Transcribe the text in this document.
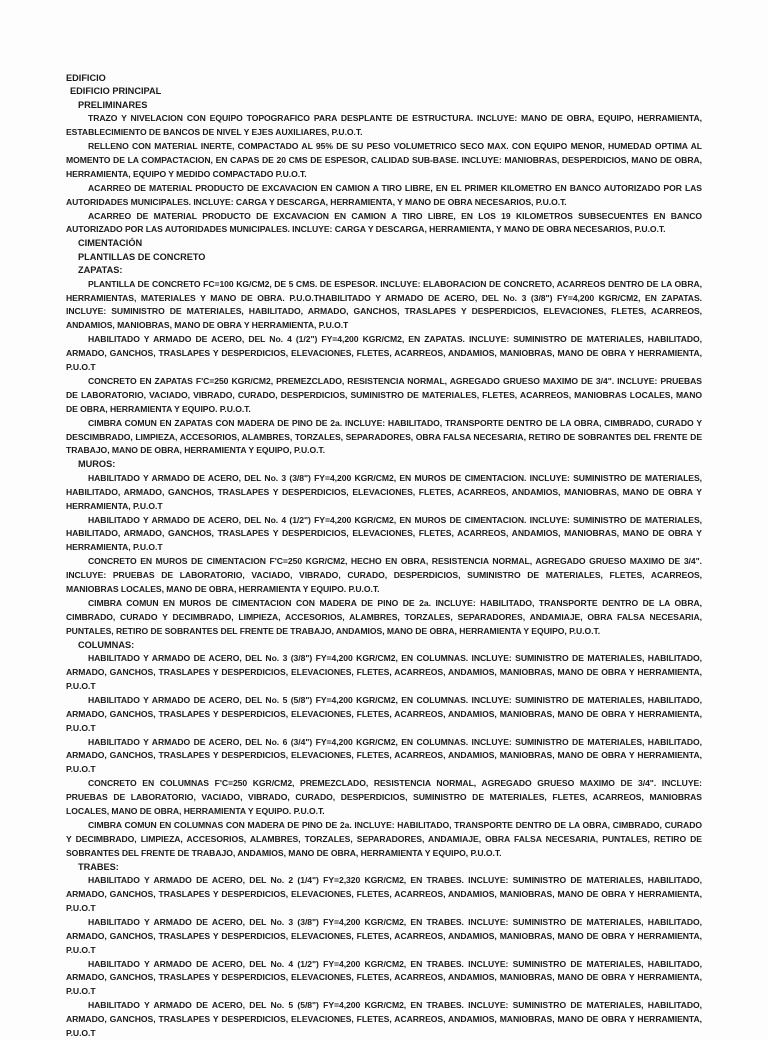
EDIFICIO
EDIFICIO PRINCIPAL
PRELIMINARES

TRAZO Y NIVELACION CON EQUIPO TOPOGRAFICO PARA DESPLANTE DE ESTRUCTURA. INCLUYE: MANO DE OBRA, EQUIPO, HERRAMIENTA, ESTABLECIMIENTO DE BANCOS DE NIVEL Y EJES AUXILIARES, P.U.O.T.

RELLENO CON MATERIAL INERTE, COMPACTADO AL 95% DE SU PESO VOLUMETRICO SECO MAX. CON EQUIPO MENOR, HUMEDAD OPTIMA AL MOMENTO DE LA COMPACTACION, EN CAPAS DE 20 CMS DE ESPESOR, CALIDAD SUB-BASE. INCLUYE: MANIOBRAS, DESPERDICIOS, MANO DE OBRA, HERRAMIENTA, EQUIPO Y MEDIDO COMPACTADO P.U.O.T.

ACARREO DE MATERIAL PRODUCTO DE EXCAVACION EN CAMION A TIRO LIBRE, EN EL PRIMER KILOMETRO EN BANCO AUTORIZADO POR LAS AUTORIDADES MUNICIPALES. INCLUYE: CARGA Y DESCARGA, HERRAMIENTA, Y MANO DE OBRA NECESARIOS, P.U.O.T.

ACARREO DE MATERIAL PRODUCTO DE EXCAVACION EN CAMION A TIRO LIBRE, EN LOS 19 KILOMETROS SUBSECUENTES EN BANCO AUTORIZADO POR LAS AUTORIDADES MUNICIPALES. INCLUYE: CARGA Y DESCARGA, HERRAMIENTA, Y MANO DE OBRA NECESARIOS, P.U.O.T.

CIMENTACIÓN
PLANTILLAS DE CONCRETO
ZAPATAS:

PLANTILLA DE CONCRETO FC=100 KG/CM2, DE 5 CMS. DE ESPESOR. INCLUYE: ELABORACION DE CONCRETO, ACARREOS DENTRO DE LA OBRA, HERRAMIENTAS, MATERIALES Y MANO DE OBRA. P.U.O.THABILITADO Y ARMADO DE ACERO, DEL No. 3 (3/8") FY=4,200 KGR/CM2, EN ZAPATAS. INCLUYE: SUMINISTRO DE MATERIALES, HABILITADO, ARMADO, GANCHOS, TRASLAPES Y DESPERDICIOS, ELEVACIONES, FLETES, ACARREOS, ANDAMIOS, MANIOBRAS, MANO DE OBRA Y HERRAMIENTA, P.U.O.T

HABILITADO Y ARMADO DE ACERO, DEL No. 4 (1/2") FY=4,200 KGR/CM2, EN ZAPATAS. INCLUYE: SUMINISTRO DE MATERIALES, HABILITADO, ARMADO, GANCHOS, TRASLAPES Y DESPERDICIOS, ELEVACIONES, FLETES, ACARREOS, ANDAMIOS, MANIOBRAS, MANO DE OBRA Y HERRAMIENTA, P.U.O.T

CONCRETO EN ZAPATAS F'C=250 KGR/CM2, PREMEZCLADO, RESISTENCIA NORMAL, AGREGADO GRUESO MAXIMO DE 3/4". INCLUYE: PRUEBAS DE LABORATORIO, VACIADO, VIBRADO, CURADO, DESPERDICIOS, SUMINISTRO DE MATERIALES, FLETES, ACARREOS, MANIOBRAS LOCALES, MANO DE OBRA, HERRAMIENTA Y EQUIPO. P.U.O.T.

CIMBRA COMUN EN ZAPATAS CON MADERA DE PINO DE 2a. INCLUYE: HABILITADO, TRANSPORTE DENTRO DE LA OBRA, CIMBRADO, CURADO Y DESCIMBRADO, LIMPIEZA, ACCESORIOS, ALAMBRES, TORZALES, SEPARADORES, OBRA FALSA NECESARIA, RETIRO DE SOBRANTES DEL FRENTE DE TRABAJO, MANO DE OBRA, HERRAMIENTA Y EQUIPO, P.U.O.T.

MUROS:

HABILITADO Y ARMADO DE ACERO, DEL No. 3 (3/8") FY=4,200 KGR/CM2, EN MUROS DE CIMENTACION. INCLUYE: SUMINISTRO DE MATERIALES, HABILITADO, ARMADO, GANCHOS, TRASLAPES Y DESPERDICIOS, ELEVACIONES, FLETES, ACARREOS, ANDAMIOS, MANIOBRAS, MANO DE OBRA Y HERRAMIENTA, P.U.O.T

HABILITADO Y ARMADO DE ACERO, DEL No. 4 (1/2") FY=4,200 KGR/CM2, EN MUROS DE CIMENTACION. INCLUYE: SUMINISTRO DE MATERIALES, HABILITADO, ARMADO, GANCHOS, TRASLAPES Y DESPERDICIOS, ELEVACIONES, FLETES, ACARREOS, ANDAMIOS, MANIOBRAS, MANO DE OBRA Y HERRAMIENTA, P.U.O.T

CONCRETO EN MUROS DE CIMENTACION F'C=250 KGR/CM2, HECHO EN OBRA, RESISTENCIA NORMAL, AGREGADO GRUESO MAXIMO DE 3/4". INCLUYE: PRUEBAS DE LABORATORIO, VACIADO, VIBRADO, CURADO, DESPERDICIOS, SUMINISTRO DE MATERIALES, FLETES, ACARREOS, MANIOBRAS LOCALES, MANO DE OBRA, HERRAMIENTA Y EQUIPO. P.U.O.T.

CIMBRA COMUN EN MUROS DE CIMENTACION CON MADERA DE PINO DE 2a. INCLUYE: HABILITADO, TRANSPORTE DENTRO DE LA OBRA, CIMBRADO, CURADO Y DECIMBRADO, LIMPIEZA, ACCESORIOS, ALAMBRES, TORZALES, SEPARADORES, ANDAMIAJE, OBRA FALSA NECESARIA, PUNTALES, RETIRO DE SOBRANTES DEL FRENTE DE TRABAJO, ANDAMIOS, MANO DE OBRA, HERRAMIENTA Y EQUIPO, P.U.O.T.

COLUMNAS:

HABILITADO Y ARMADO DE ACERO, DEL No. 3 (3/8") FY=4,200 KGR/CM2, EN COLUMNAS. INCLUYE: SUMINISTRO DE MATERIALES, HABILITADO, ARMADO, GANCHOS, TRASLAPES Y DESPERDICIOS, ELEVACIONES, FLETES, ACARREOS, ANDAMIOS, MANIOBRAS, MANO DE OBRA Y HERRAMIENTA, P.U.O.T

HABILITADO Y ARMADO DE ACERO, DEL No. 5 (5/8") FY=4,200 KGR/CM2, EN COLUMNAS. INCLUYE: SUMINISTRO DE MATERIALES, HABILITADO, ARMADO, GANCHOS, TRASLAPES Y DESPERDICIOS, ELEVACIONES, FLETES, ACARREOS, ANDAMIOS, MANIOBRAS, MANO DE OBRA Y HERRAMIENTA, P.U.O.T

HABILITADO Y ARMADO DE ACERO, DEL No. 6 (3/4") FY=4,200 KGR/CM2, EN COLUMNAS. INCLUYE: SUMINISTRO DE MATERIALES, HABILITADO, ARMADO, GANCHOS, TRASLAPES Y DESPERDICIOS, ELEVACIONES, FLETES, ACARREOS, ANDAMIOS, MANIOBRAS, MANO DE OBRA Y HERRAMIENTA, P.U.O.T

CONCRETO EN COLUMNAS F'C=250 KGR/CM2, PREMEZCLADO, RESISTENCIA NORMAL, AGREGADO GRUESO MAXIMO DE 3/4". INCLUYE: PRUEBAS DE LABORATORIO, VACIADO, VIBRADO, CURADO, DESPERDICIOS, SUMINISTRO DE MATERIALES, FLETES, ACARREOS, MANIOBRAS LOCALES, MANO DE OBRA, HERRAMIENTA Y EQUIPO. P.U.O.T.

CIMBRA COMUN EN COLUMNAS CON MADERA DE PINO DE 2a. INCLUYE: HABILITADO, TRANSPORTE DENTRO DE LA OBRA, CIMBRADO, CURADO Y DECIMBRADO, LIMPIEZA, ACCESORIOS, ALAMBRES, TORZALES, SEPARADORES, ANDAMIAJE, OBRA FALSA NECESARIA, PUNTALES, RETIRO DE SOBRANTES DEL FRENTE DE TRABAJO, ANDAMIOS, MANO DE OBRA, HERRAMIENTA Y EQUIPO, P.U.O.T.

TRABES:

HABILITADO Y ARMADO DE ACERO, DEL No. 2 (1/4") FY=2,320 KGR/CM2, EN TRABES. INCLUYE: SUMINISTRO DE MATERIALES, HABILITADO, ARMADO, GANCHOS, TRASLAPES Y DESPERDICIOS, ELEVACIONES, FLETES, ACARREOS, ANDAMIOS, MANIOBRAS, MANO DE OBRA Y HERRAMIENTA, P.U.O.T

HABILITADO Y ARMADO DE ACERO, DEL No. 3 (3/8") FY=4,200 KGR/CM2, EN TRABES. INCLUYE: SUMINISTRO DE MATERIALES, HABILITADO, ARMADO, GANCHOS, TRASLAPES Y DESPERDICIOS, ELEVACIONES, FLETES, ACARREOS, ANDAMIOS, MANIOBRAS, MANO DE OBRA Y HERRAMIENTA, P.U.O.T

HABILITADO Y ARMADO DE ACERO, DEL No. 4 (1/2") FY=4,200 KGR/CM2, EN TRABES. INCLUYE: SUMINISTRO DE MATERIALES, HABILITADO, ARMADO, GANCHOS, TRASLAPES Y DESPERDICIOS, ELEVACIONES, FLETES, ACARREOS, ANDAMIOS, MANIOBRAS, MANO DE OBRA Y HERRAMIENTA, P.U.O.T

HABILITADO Y ARMADO DE ACERO, DEL No. 5 (5/8") FY=4,200 KGR/CM2, EN TRABES. INCLUYE: SUMINISTRO DE MATERIALES, HABILITADO, ARMADO, GANCHOS, TRASLAPES Y DESPERDICIOS, ELEVACIONES, FLETES, ACARREOS, ANDAMIOS, MANIOBRAS, MANO DE OBRA Y HERRAMIENTA, P.U.O.T
